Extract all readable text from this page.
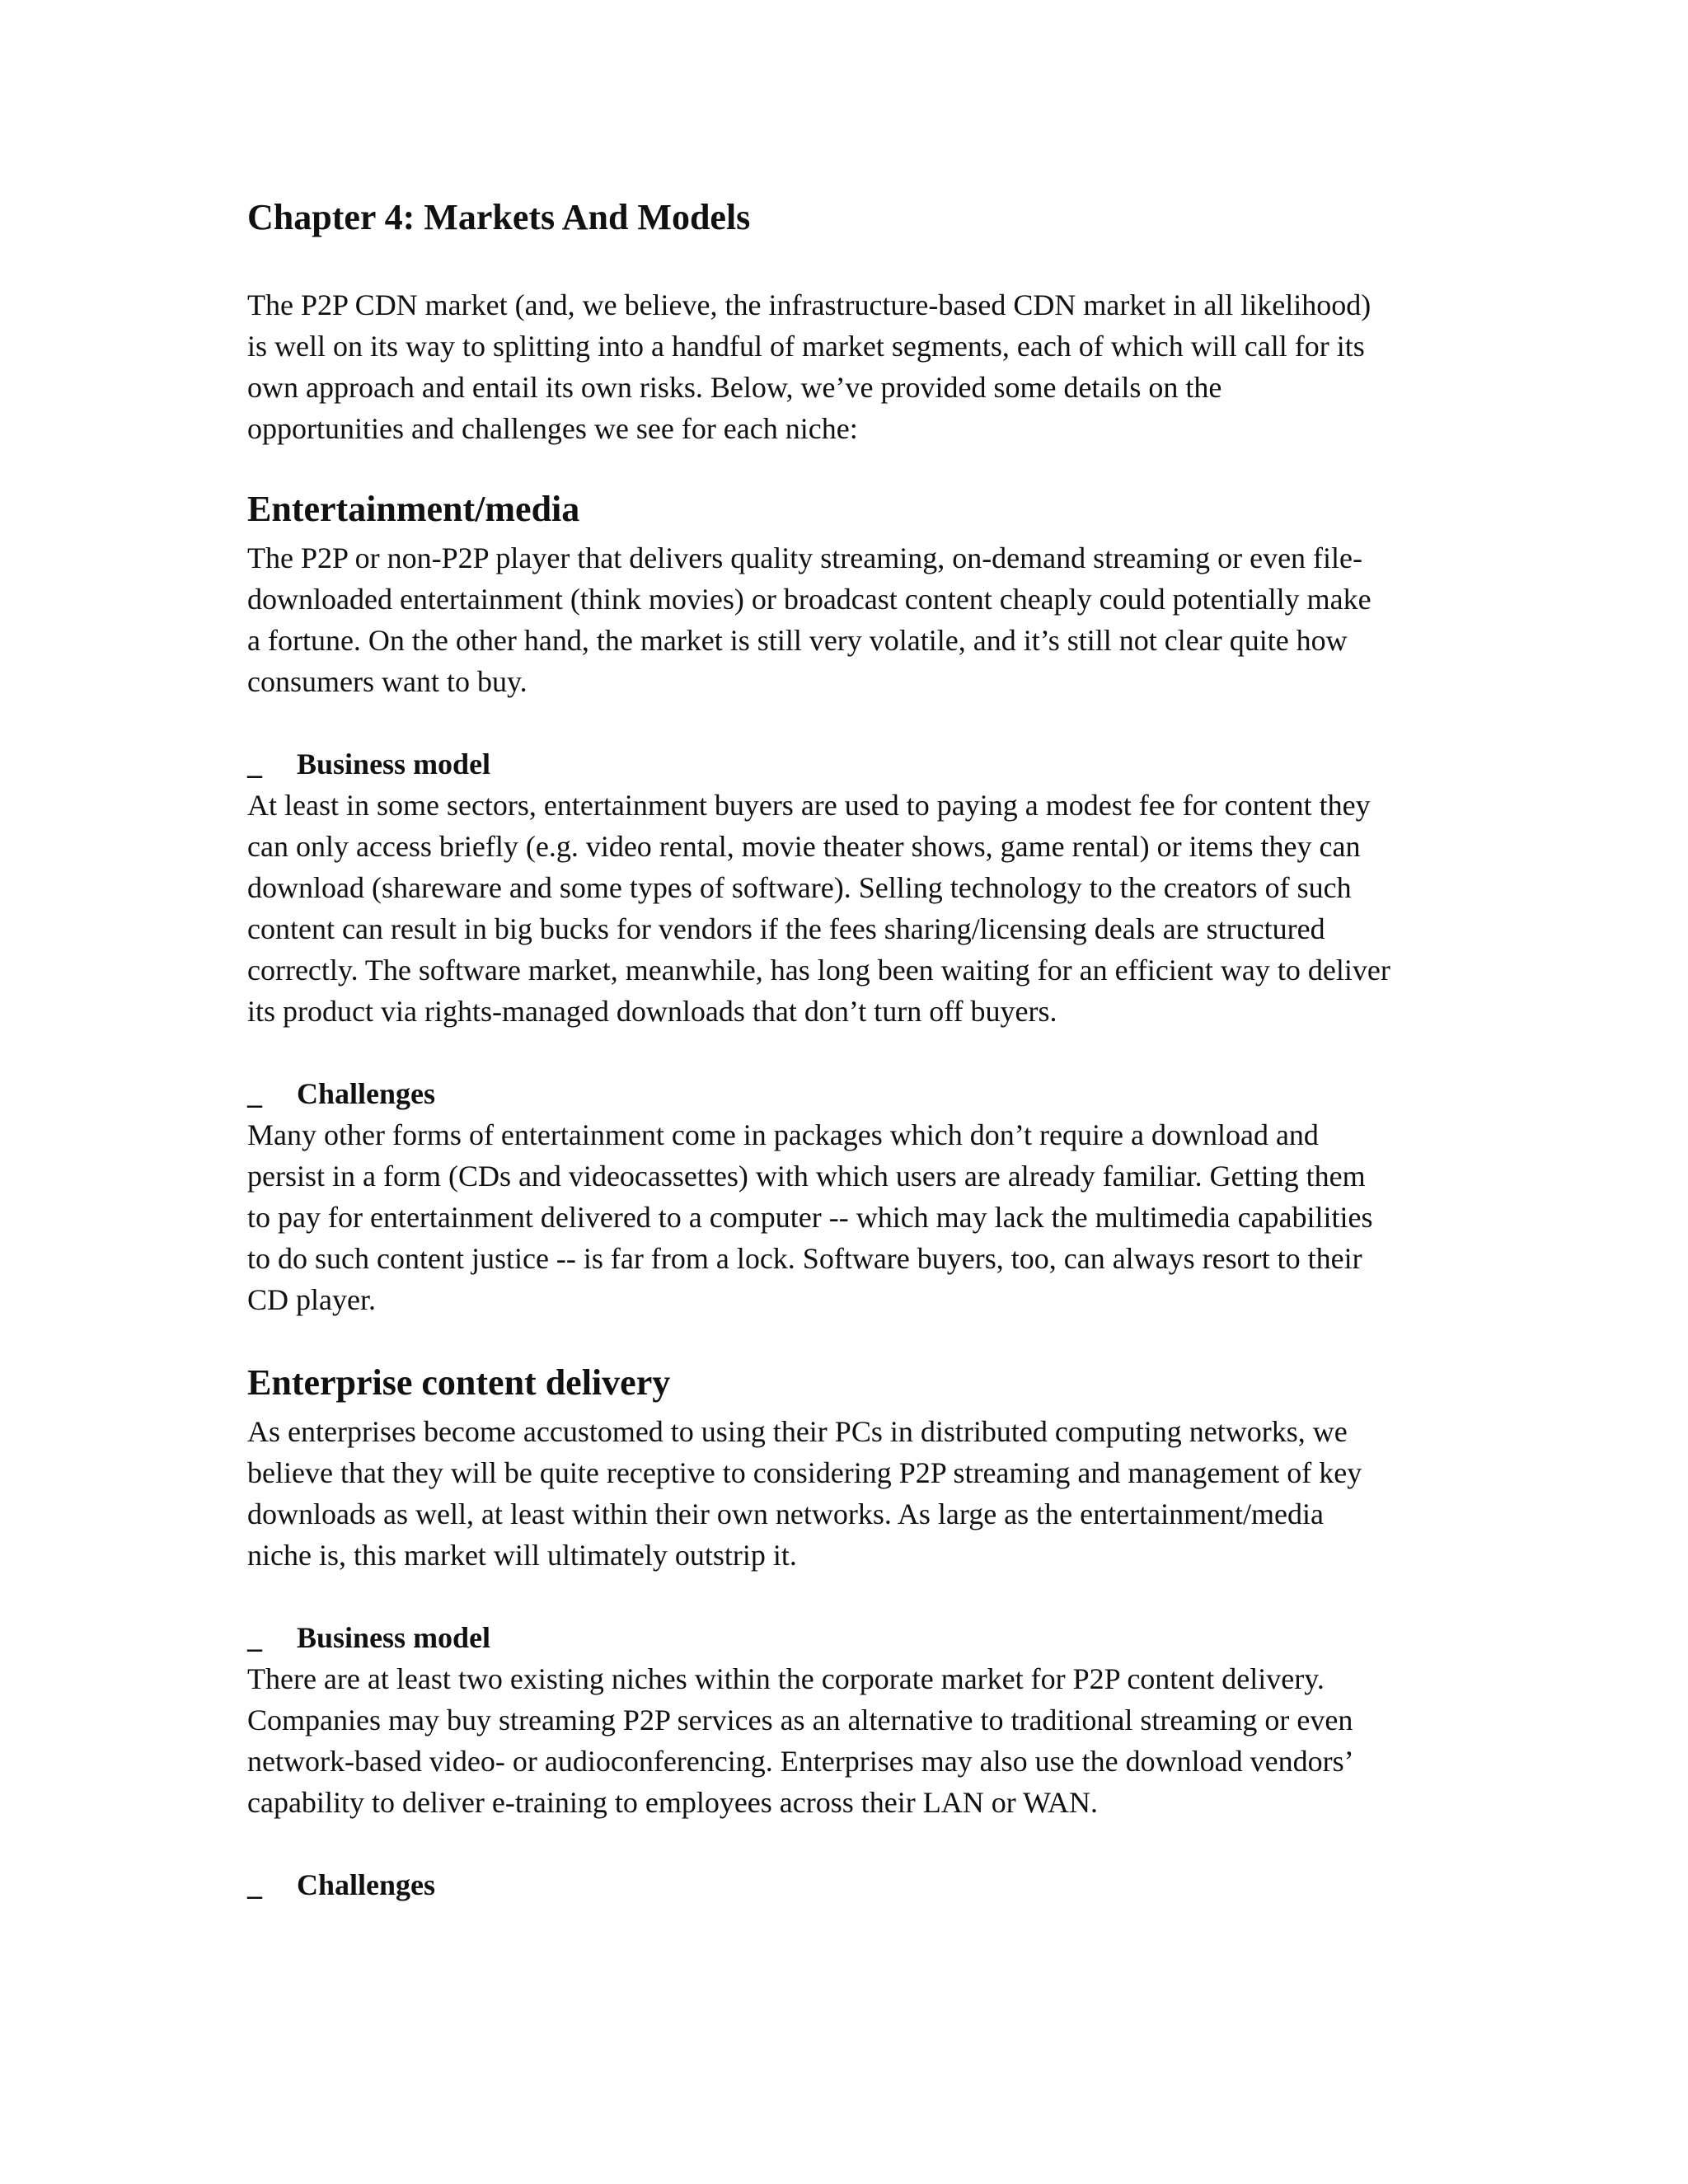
Chapter 4: Markets And Models

The P2P CDN market (and, we believe, the infrastructure-based CDN market in all likelihood)
is well on its way to splitting into a handful of market segments, each of which will call for its
own approach and entail its own risks. Below, we’ve provided some details on the
opportunities and challenges we see for each niche:

Entertainment/media

The P2P or non-P2P player that delivers quality streaming, on-demand streaming or even file-
downloaded entertainment (think movies) or broadcast content cheaply could potentially make
a fortune. On the other hand, the market is still very volatile, and it’s still not clear quite how
consumers want to buy.

_ Business model

At least in some sectors, entertainment buyers are used to paying a modest fee for content they
can only access briefly (e.g. video rental, movie theater shows, game rental) or items they can
download (shareware and some types of software). Selling technology to the creators of such
content can result in big bucks for vendors if the fees sharing/licensing deals are structured
correctly. The software market, meanwhile, has long been waiting for an efficient way to deliver
its product via rights-managed downloads that don’t turn off buyers.

_ Challenges

Many other forms of entertainment come in packages which don’t require a download and
persist in a form (CDs and videocassettes) with which users are already familiar. Getting them
to pay for entertainment delivered to a computer -- which may lack the multimedia capabilities
to do such content justice -- is far from a lock. Software buyers, too, can always resort to their
CD player.

Enterprise content delivery

As enterprises become accustomed to using their PCs in distributed computing networks, we
believe that they will be quite receptive to considering P2P streaming and management of key
downloads as well, at least within their own networks. As large as the entertainment/media
niche is, this market will ultimately outstrip it.

_ Business model

There are at least two existing niches within the corporate market for P2P content delivery.
Companies may buy streaming P2P services as an alternative to traditional streaming or even
network-based video- or audioconferencing. Enterprises may also use the download vendors’
capability to deliver e-training to employees across their LAN or WAN.

_ Challenges
